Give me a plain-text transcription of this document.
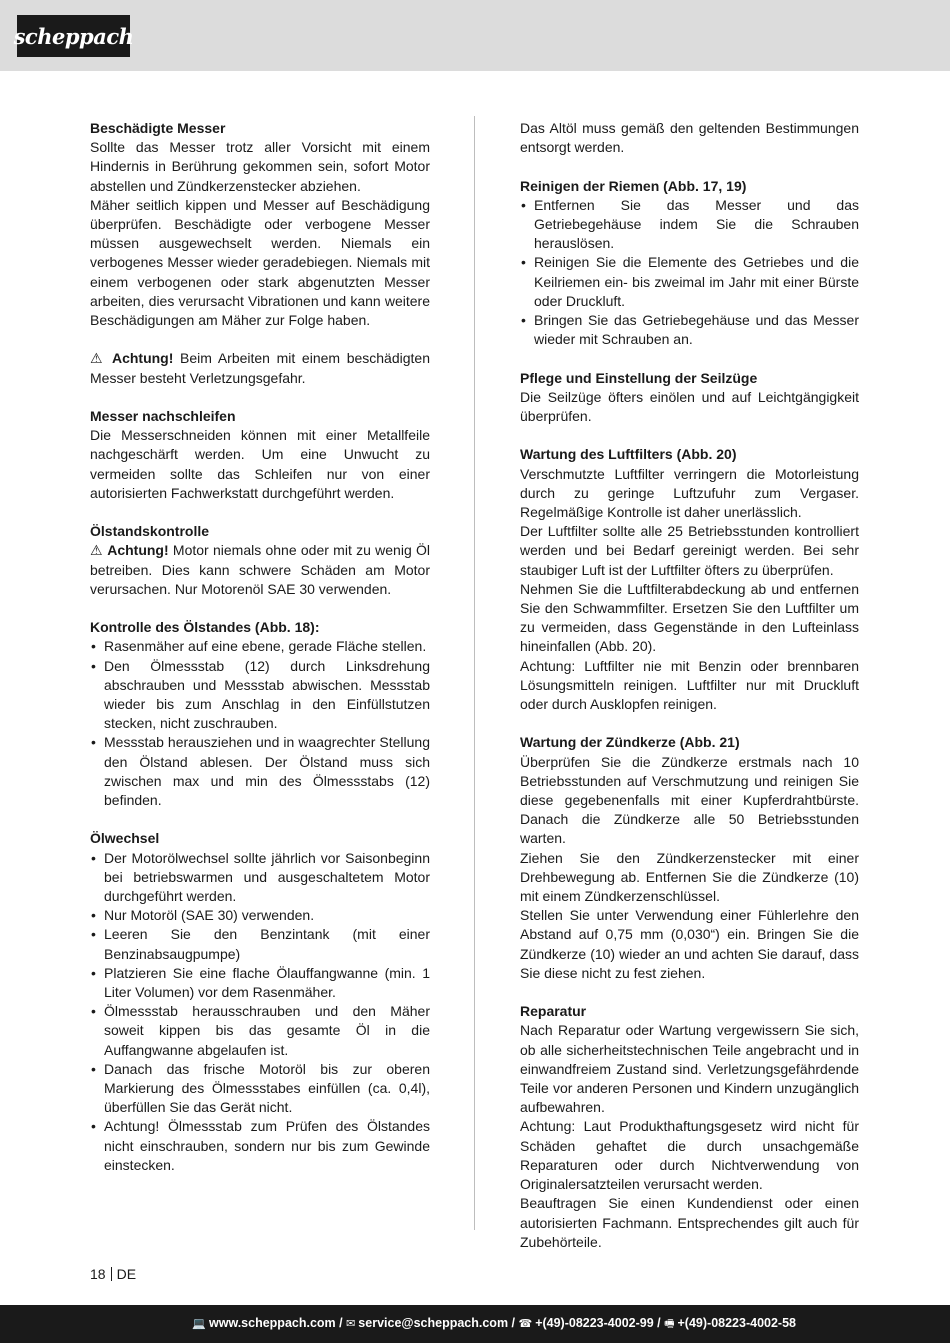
scheppach

Beschädigte Messer

Sollte das Messer trotz aller Vorsicht mit einem Hindernis in Berührung gekommen sein, sofort Motor abstellen und Zündkerzenstecker abziehen.

Mäher seitlich kippen und Messer auf Beschädigung überprüfen. Beschädigte oder verbogene Messer müssen ausgewechselt werden. Niemals ein verbogenes Messer wieder geradebiegen. Niemals mit einem verbogenen oder stark abgenutzten Messer arbeiten, dies verursacht Vibrationen und kann weitere Beschädigungen am Mäher zur Folge haben.

⚠ Achtung! Beim Arbeiten mit einem beschädigten Messer besteht Verletzungsgefahr.

Messer nachschleifen

Die Messerschneiden können mit einer Metallfeile nachgeschärft werden. Um eine Unwucht zu vermeiden sollte das Schleifen nur von einer autorisierten Fachwerkstatt durchgeführt werden.

Ölstandskontrolle

⚠ Achtung! Motor niemals ohne oder mit zu wenig Öl betreiben. Dies kann schwere Schäden am Motor verursachen. Nur Motorenöl SAE 30 verwenden.

Kontrolle des Ölstandes (Abb. 18):

• Rasenmäher auf eine ebene, gerade Fläche stellen.
• Den Ölmessstab (12) durch Linksdrehung abschrauben und Messstab abwischen. Messstab wieder bis zum Anschlag in den Einfüllstutzen stecken, nicht zuschrauben.
• Messstab herausziehen und in waagrechter Stellung den Ölstand ablesen. Der Ölstand muss sich zwischen max und min des Ölmessstabs (12) befinden.

Ölwechsel

• Der Motorölwechsel sollte jährlich vor Saisonbeginn bei betriebswarmen und ausgeschaltetem Motor durchgeführt werden.
• Nur Motoröl (SAE 30) verwenden.
• Leeren Sie den Benzintank (mit einer Benzinabsaugpumpe)
• Platzieren Sie eine flache Ölauffangwanne (min. 1 Liter Volumen) vor dem Rasenmäher.
• Ölmessstab herausschrauben und den Mäher soweit kippen bis das gesamte Öl in die Auffangwanne abgelaufen ist.
• Danach das frische Motoröl bis zur oberen Markierung des Ölmessstabes einfüllen (ca. 0,4l), überfüllen Sie das Gerät nicht.
• Achtung! Ölmessstab zum Prüfen des Ölstandes nicht einschrauben, sondern nur bis zum Gewinde einstecken.

Das Altöl muss gemäß den geltenden Bestimmungen entsorgt werden.

Reinigen der Riemen (Abb. 17, 19)

• Entfernen Sie das Messer und das Getriebegehäuse indem Sie die Schrauben herauslösen.
• Reinigen Sie die Elemente des Getriebes und die Keilriemen ein- bis zweimal im Jahr mit einer Bürste oder Druckluft.
• Bringen Sie das Getriebegehäuse und das Messer wieder mit Schrauben an.

Pflege und Einstellung der Seilzüge

Die Seilzüge öfters einölen und auf Leichtgängigkeit überprüfen.

Wartung des Luftfilters (Abb. 20)

Verschmutzte Luftfilter verringern die Motorleistung durch zu geringe Luftzufuhr zum Vergaser. Regelmäßige Kontrolle ist daher unerlässlich.

Der Luftfilter sollte alle 25 Betriebsstunden kontrolliert werden und bei Bedarf gereinigt werden. Bei sehr staubiger Luft ist der Luftfilter öfters zu überprüfen.

Nehmen Sie die Luftfilterabdeckung ab und entfernen Sie den Schwammfilter. Ersetzen Sie den Luftfilter um zu vermeiden, dass Gegenstände in den Lufteinlass hineinfallen (Abb. 20).

Achtung: Luftfilter nie mit Benzin oder brennbaren Lösungsmitteln reinigen. Luftfilter nur mit Druckluft oder durch Ausklopfen reinigen.

Wartung der Zündkerze (Abb. 21)

Überprüfen Sie die Zündkerze erstmals nach 10 Betriebsstunden auf Verschmutzung und reinigen Sie diese gegebenenfalls mit einer Kupferdrahtbürste. Danach die Zündkerze alle 50 Betriebsstunden warten.

Ziehen Sie den Zündkerzenstecker mit einer Drehbewegung ab. Entfernen Sie die Zündkerze (10) mit einem Zündkerzenschlüssel.

Stellen Sie unter Verwendung einer Fühlerlehre den Abstand auf 0,75 mm (0,030“) ein. Bringen Sie die Zündkerze (10) wieder an und achten Sie darauf, dass Sie diese nicht zu fest ziehen.

Reparatur

Nach Reparatur oder Wartung vergewissern Sie sich, ob alle sicherheitstechnischen Teile angebracht und in einwandfreiem Zustand sind. Verletzungsgefährdende Teile vor anderen Personen und Kindern unzugänglich aufbewahren.

Achtung: Laut Produkthaftungsgesetz wird nicht für Schäden gehaftet die durch unsachgemäße Reparaturen oder durch Nichtverwendung von Originalersatzteilen verursacht werden.

Beauftragen Sie einen Kundendienst oder einen autorisierten Fachmann. Entsprechendes gilt auch für Zubehörteile.

18 DE
💻 www.scheppach.com / ✉ service@scheppach.com / ☎ +(49)-08223-4002-99 / 🖷 +(49)-08223-4002-58
